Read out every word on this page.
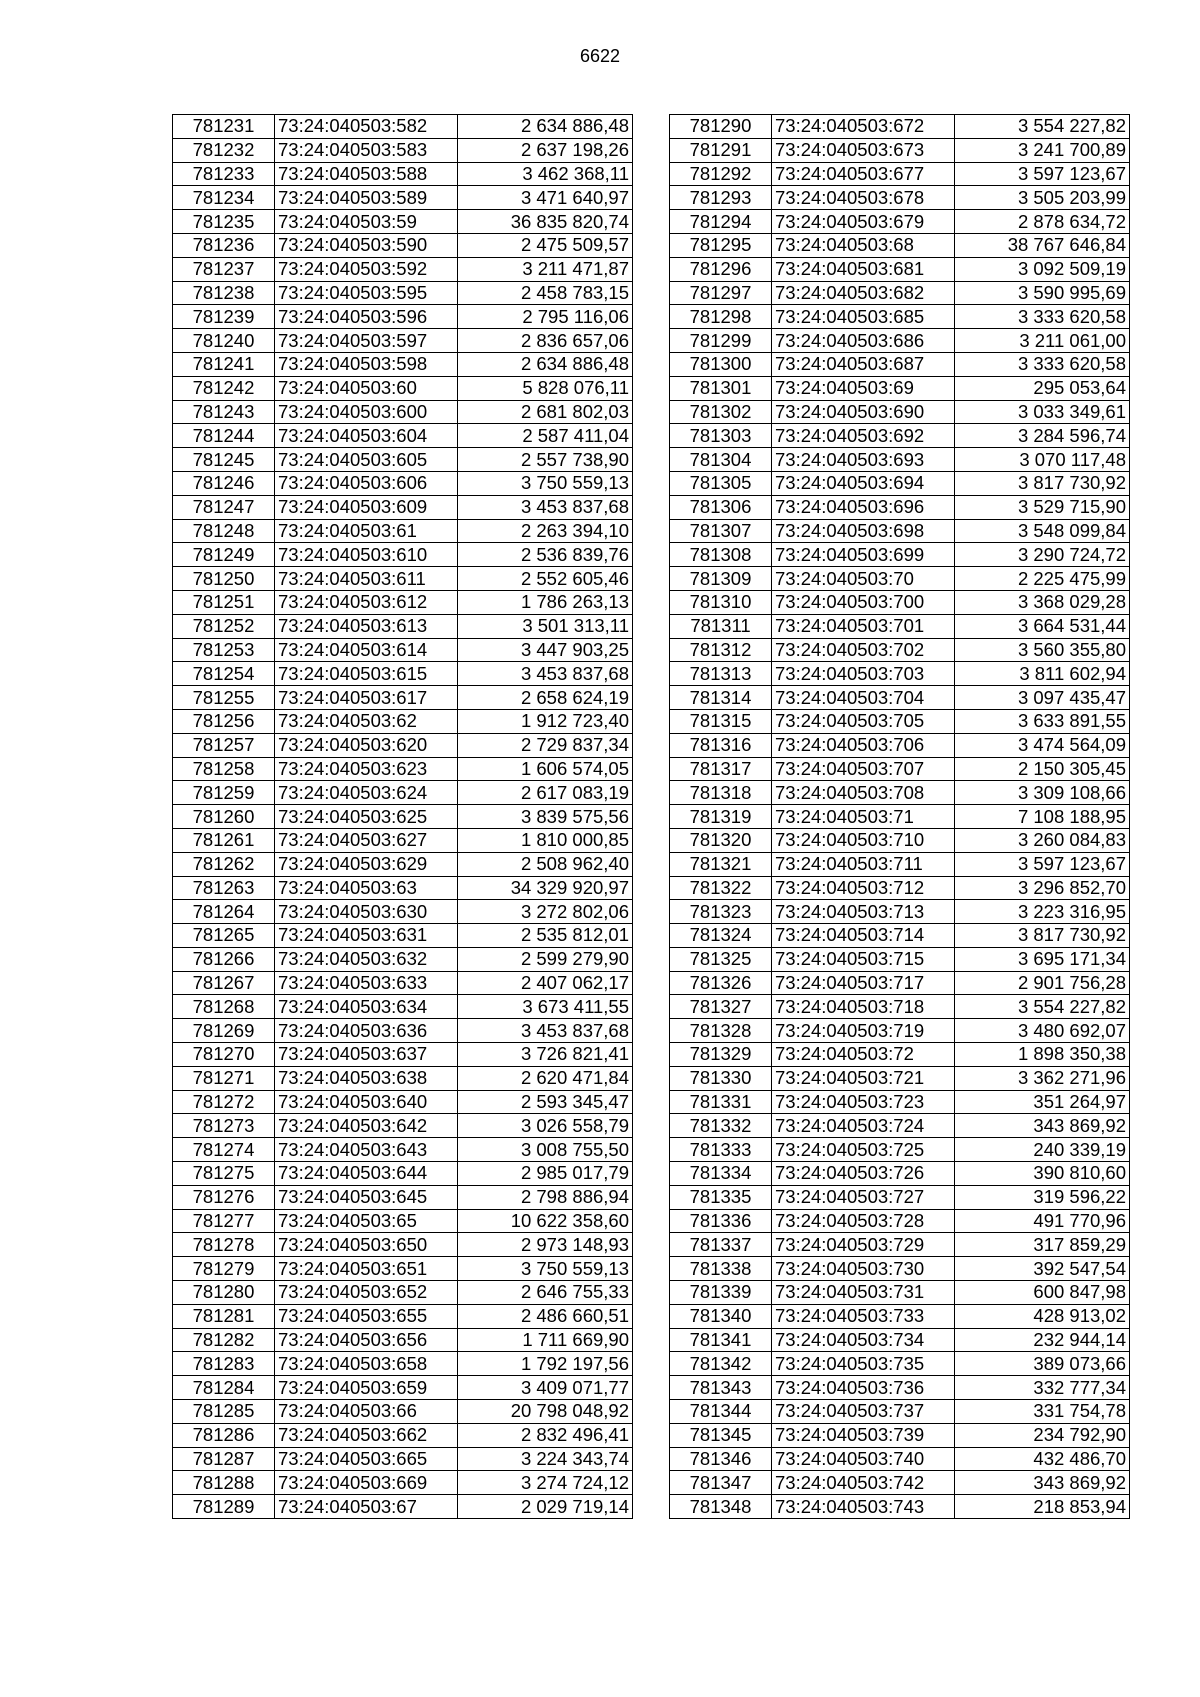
6622
781231	73:24:040503:582	2 634 886,48
781232	73:24:040503:583	2 637 198,26
781233	73:24:040503:588	3 462 368,11
781234	73:24:040503:589	3 471 640,97
781235	73:24:040503:59	36 835 820,74
781236	73:24:040503:590	2 475 509,57
781237	73:24:040503:592	3 211 471,87
781238	73:24:040503:595	2 458 783,15
781239	73:24:040503:596	2 795 116,06
781240	73:24:040503:597	2 836 657,06
781241	73:24:040503:598	2 634 886,48
781242	73:24:040503:60	5 828 076,11
781243	73:24:040503:600	2 681 802,03
781244	73:24:040503:604	2 587 411,04
781245	73:24:040503:605	2 557 738,90
781246	73:24:040503:606	3 750 559,13
781247	73:24:040503:609	3 453 837,68
781248	73:24:040503:61	2 263 394,10
781249	73:24:040503:610	2 536 839,76
781250	73:24:040503:611	2 552 605,46
781251	73:24:040503:612	1 786 263,13
781252	73:24:040503:613	3 501 313,11
781253	73:24:040503:614	3 447 903,25
781254	73:24:040503:615	3 453 837,68
781255	73:24:040503:617	2 658 624,19
781256	73:24:040503:62	1 912 723,40
781257	73:24:040503:620	2 729 837,34
781258	73:24:040503:623	1 606 574,05
781259	73:24:040503:624	2 617 083,19
781260	73:24:040503:625	3 839 575,56
781261	73:24:040503:627	1 810 000,85
781262	73:24:040503:629	2 508 962,40
781263	73:24:040503:63	34 329 920,97
781264	73:24:040503:630	3 272 802,06
781265	73:24:040503:631	2 535 812,01
781266	73:24:040503:632	2 599 279,90
781267	73:24:040503:633	2 407 062,17
781268	73:24:040503:634	3 673 411,55
781269	73:24:040503:636	3 453 837,68
781270	73:24:040503:637	3 726 821,41
781271	73:24:040503:638	2 620 471,84
781272	73:24:040503:640	2 593 345,47
781273	73:24:040503:642	3 026 558,79
781274	73:24:040503:643	3 008 755,50
781275	73:24:040503:644	2 985 017,79
781276	73:24:040503:645	2 798 886,94
781277	73:24:040503:65	10 622 358,60
781278	73:24:040503:650	2 973 148,93
781279	73:24:040503:651	3 750 559,13
781280	73:24:040503:652	2 646 755,33
781281	73:24:040503:655	2 486 660,51
781282	73:24:040503:656	1 711 669,90
781283	73:24:040503:658	1 792 197,56
781284	73:24:040503:659	3 409 071,77
781285	73:24:040503:66	20 798 048,92
781286	73:24:040503:662	2 832 496,41
781287	73:24:040503:665	3 224 343,74
781288	73:24:040503:669	3 274 724,12
781289	73:24:040503:67	2 029 719,14
781290	73:24:040503:672	3 554 227,82
781291	73:24:040503:673	3 241 700,89
781292	73:24:040503:677	3 597 123,67
781293	73:24:040503:678	3 505 203,99
781294	73:24:040503:679	2 878 634,72
781295	73:24:040503:68	38 767 646,84
781296	73:24:040503:681	3 092 509,19
781297	73:24:040503:682	3 590 995,69
781298	73:24:040503:685	3 333 620,58
781299	73:24:040503:686	3 211 061,00
781300	73:24:040503:687	3 333 620,58
781301	73:24:040503:69	295 053,64
781302	73:24:040503:690	3 033 349,61
781303	73:24:040503:692	3 284 596,74
781304	73:24:040503:693	3 070 117,48
781305	73:24:040503:694	3 817 730,92
781306	73:24:040503:696	3 529 715,90
781307	73:24:040503:698	3 548 099,84
781308	73:24:040503:699	3 290 724,72
781309	73:24:040503:70	2 225 475,99
781310	73:24:040503:700	3 368 029,28
781311	73:24:040503:701	3 664 531,44
781312	73:24:040503:702	3 560 355,80
781313	73:24:040503:703	3 811 602,94
781314	73:24:040503:704	3 097 435,47
781315	73:24:040503:705	3 633 891,55
781316	73:24:040503:706	3 474 564,09
781317	73:24:040503:707	2 150 305,45
781318	73:24:040503:708	3 309 108,66
781319	73:24:040503:71	7 108 188,95
781320	73:24:040503:710	3 260 084,83
781321	73:24:040503:711	3 597 123,67
781322	73:24:040503:712	3 296 852,70
781323	73:24:040503:713	3 223 316,95
781324	73:24:040503:714	3 817 730,92
781325	73:24:040503:715	3 695 171,34
781326	73:24:040503:717	2 901 756,28
781327	73:24:040503:718	3 554 227,82
781328	73:24:040503:719	3 480 692,07
781329	73:24:040503:72	1 898 350,38
781330	73:24:040503:721	3 362 271,96
781331	73:24:040503:723	351 264,97
781332	73:24:040503:724	343 869,92
781333	73:24:040503:725	240 339,19
781334	73:24:040503:726	390 810,60
781335	73:24:040503:727	319 596,22
781336	73:24:040503:728	491 770,96
781337	73:24:040503:729	317 859,29
781338	73:24:040503:730	392 547,54
781339	73:24:040503:731	600 847,98
781340	73:24:040503:733	428 913,02
781341	73:24:040503:734	232 944,14
781342	73:24:040503:735	389 073,66
781343	73:24:040503:736	332 777,34
781344	73:24:040503:737	331 754,78
781345	73:24:040503:739	234 792,90
781346	73:24:040503:740	432 486,70
781347	73:24:040503:742	343 869,92
781348	73:24:040503:743	218 853,94
